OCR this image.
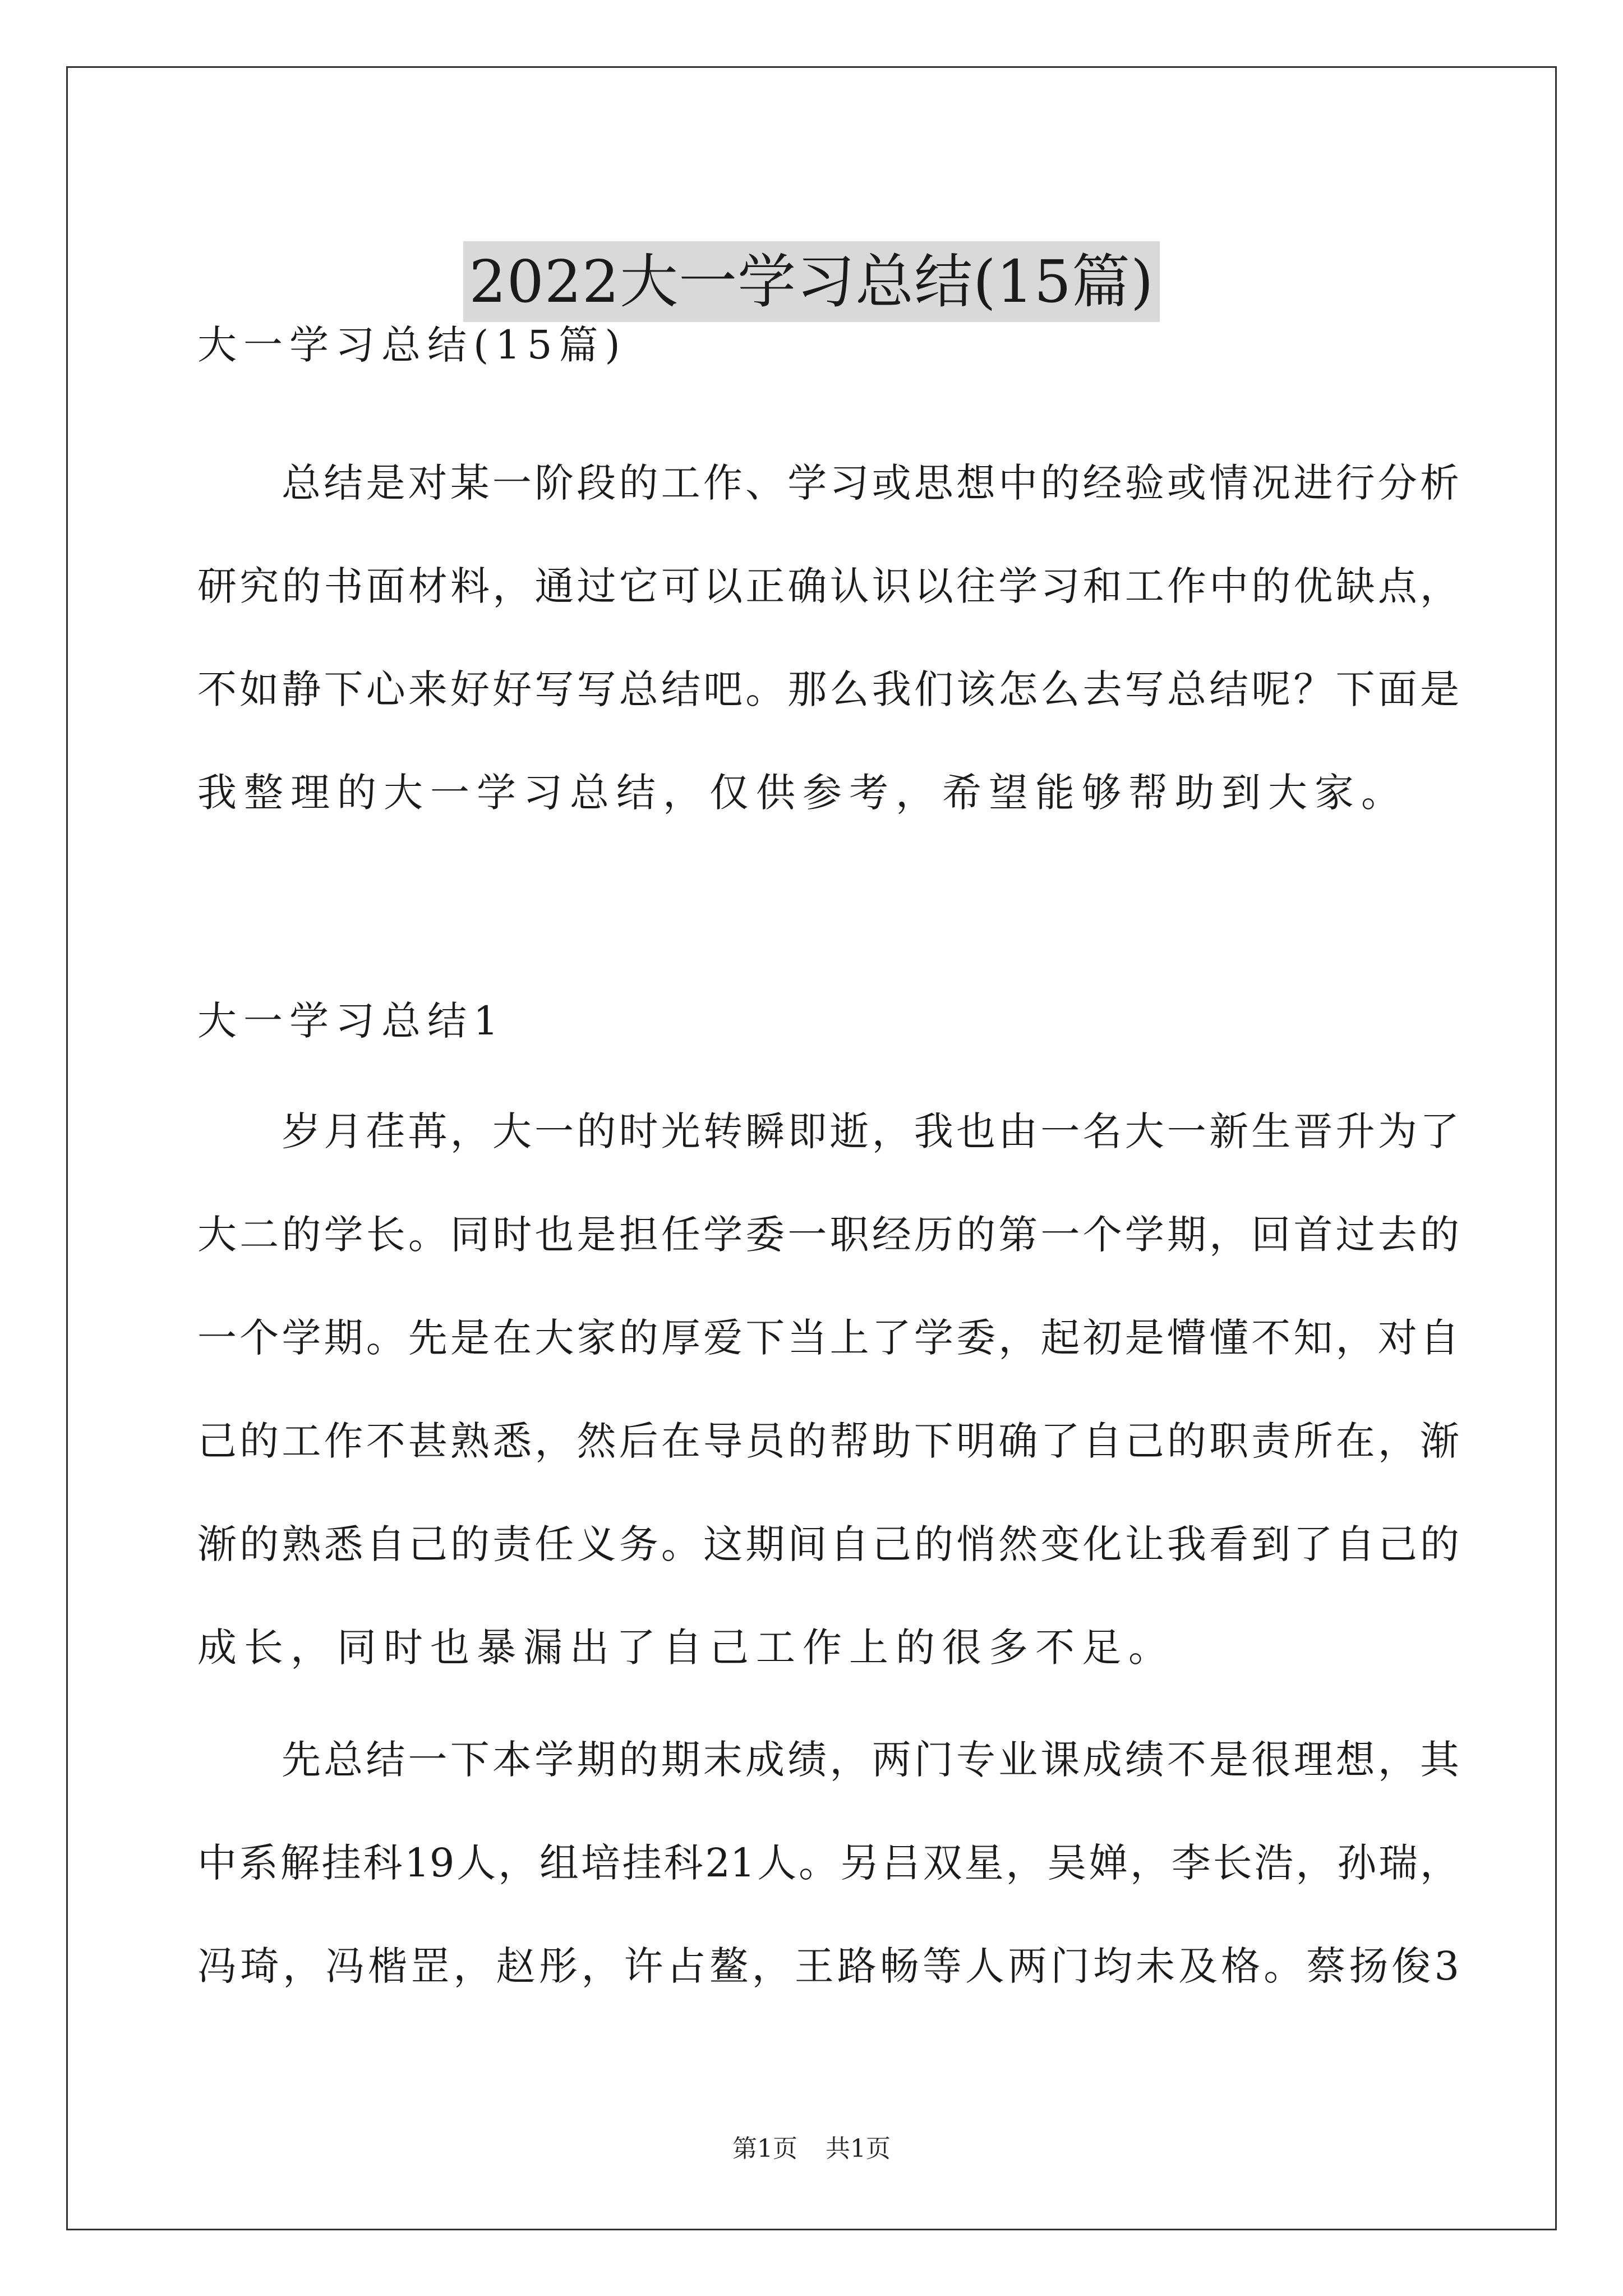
2022大一学习总结(15篇)
大一学习总结(15篇)
总结是对某一阶段的工作、学习或思想中的经验或情况进行分析
研究的书面材料，通过它可以正确认识以往学习和工作中的优缺点，
不如静下心来好好写写总结吧。那么我们该怎么去写总结呢？下面是
我整理的大一学习总结，仅供参考，希望能够帮助到大家。
大一学习总结1
岁月荏苒，大一的时光转瞬即逝，我也由一名大一新生晋升为了
大二的学长。同时也是担任学委一职经历的第一个学期，回首过去的
一个学期。先是在大家的厚爱下当上了学委，起初是懵懂不知，对自
己的工作不甚熟悉，然后在导员的帮助下明确了自己的职责所在，渐
渐的熟悉自己的责任义务。这期间自己的悄然变化让我看到了自己的
成长，同时也暴漏出了自己工作上的很多不足。
先总结一下本学期的期末成绩，两门专业课成绩不是很理想，其
中系解挂科19人，组培挂科21人。另吕双星，吴婵，李长浩，孙瑞，
冯琦，冯楷罡，赵彤，许占鳌，王路畅等人两门均未及格。蔡扬俊3
第1页 共1页
